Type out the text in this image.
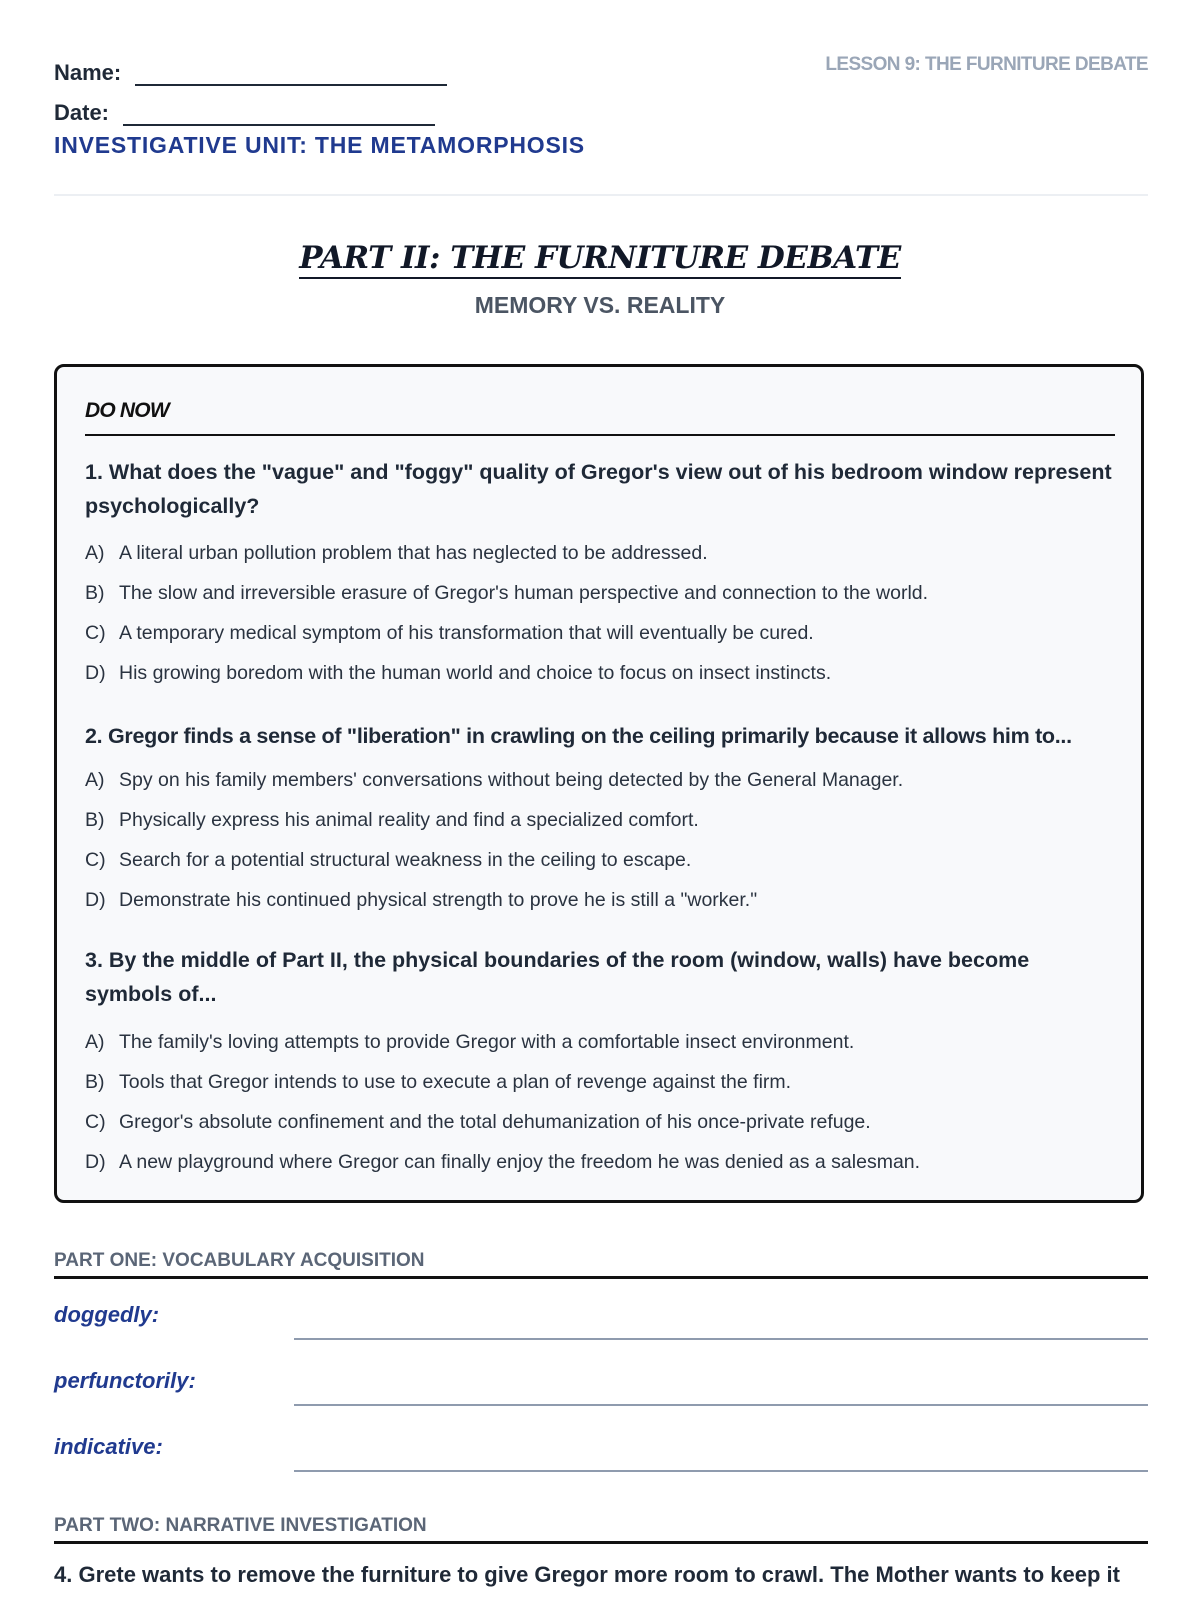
Name:
Date:
INVESTIGATIVE UNIT: THE METAMORPHOSIS
LESSON 9: THE FURNITURE DEBATE
PART II: THE FURNITURE DEBATE
MEMORY VS. REALITY
DO NOW
1. What does the "vague" and "foggy" quality of Gregor's view out of his bedroom window represent psychologically?
A) A literal urban pollution problem that has neglected to be addressed.
B) The slow and irreversible erasure of Gregor's human perspective and connection to the world.
C) A temporary medical symptom of his transformation that will eventually be cured.
D) His growing boredom with the human world and choice to focus on insect instincts.
2. Gregor finds a sense of "liberation" in crawling on the ceiling primarily because it allows him to...
A) Spy on his family members' conversations without being detected by the General Manager.
B) Physically express his animal reality and find a specialized comfort.
C) Search for a potential structural weakness in the ceiling to escape.
D) Demonstrate his continued physical strength to prove he is still a "worker."
3. By the middle of Part II, the physical boundaries of the room (window, walls) have become symbols of...
A) The family's loving attempts to provide Gregor with a comfortable insect environment.
B) Tools that Gregor intends to use to execute a plan of revenge against the firm.
C) Gregor's absolute confinement and the total dehumanization of his once-private refuge.
D) A new playground where Gregor can finally enjoy the freedom he was denied as a salesman.
PART ONE: VOCABULARY ACQUISITION
doggedly:
perfunctorily:
indicative:
PART TWO: NARRATIVE INVESTIGATION
4. Grete wants to remove the furniture to give Gregor more room to crawl. The Mother wants to keep it
